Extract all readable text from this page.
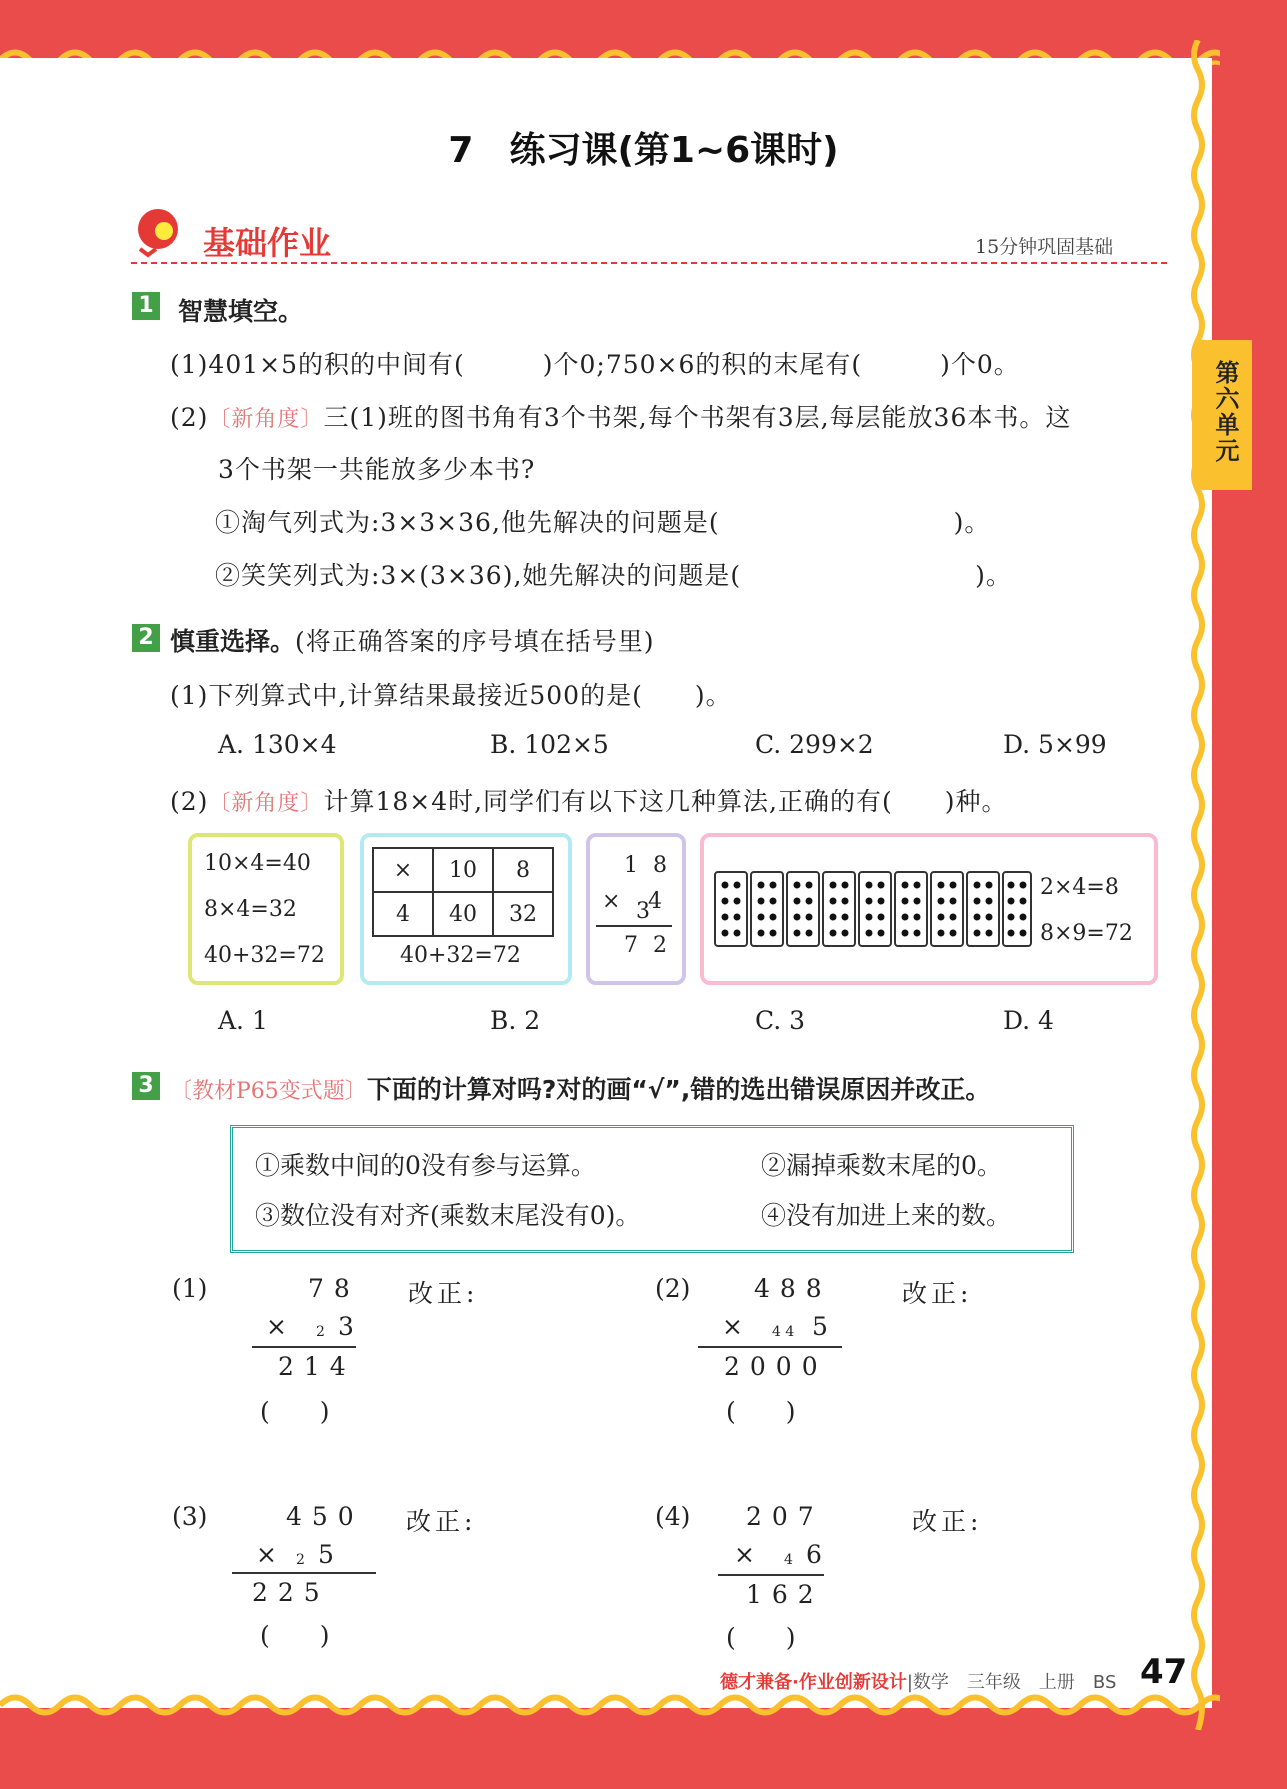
7　练习课(第1~6课时)
第六单元
基础作业	15分钟巩固基础
1 智慧填空。
(1)401×5的积的中间有(　　　)个0;750×6的积的末尾有(　　　)个0。
(2)〔新角度〕三(1)班的图书角有3个书架,每个书架有3层,每层能放36本书。这
3个书架一共能放多少本书?
①淘气列式为:3×3×36,他先解决的问题是(　　　　　　　　　)。
②笑笑列式为:3×(3×36),她先解决的问题是(　　　　　　　　　)。
2 慎重选择。(将正确答案的序号填在括号里)
(1)下列算式中,计算结果最接近500的是(　　)。
A. 130×4	B. 102×5	C. 299×2	D. 5×99
(2)〔新角度〕计算18×4时,同学们有以下这几种算法,正确的有(　　)种。
10×4=40
8×4=32
40+32=72
×	10	8
4	40	32
40+32=72
1 8
× 3
4
7 2
2×4=8
8×9=72
A. 1	B. 2	C. 3	D. 4
3 〔教材P65变式题〕下面的计算对吗?对的画“√”,错的选出错误原因并改正。
①乘数中间的0没有参与运算。	②漏掉乘数末尾的0。
③数位没有对齐(乘数末尾没有0)。	④没有加进上来的数。
(1)	78
× 2 3
214
(　　)
改正:	(2)	488
× 4 4 5
2000
(　　)
改正:
(3)	450
× 2 5
225
(　　)
改正:	(4) 207
× 4 6
162
(　　)
改正:
德才兼备·作业创新设计|数学　三年级　上册　BS 47
